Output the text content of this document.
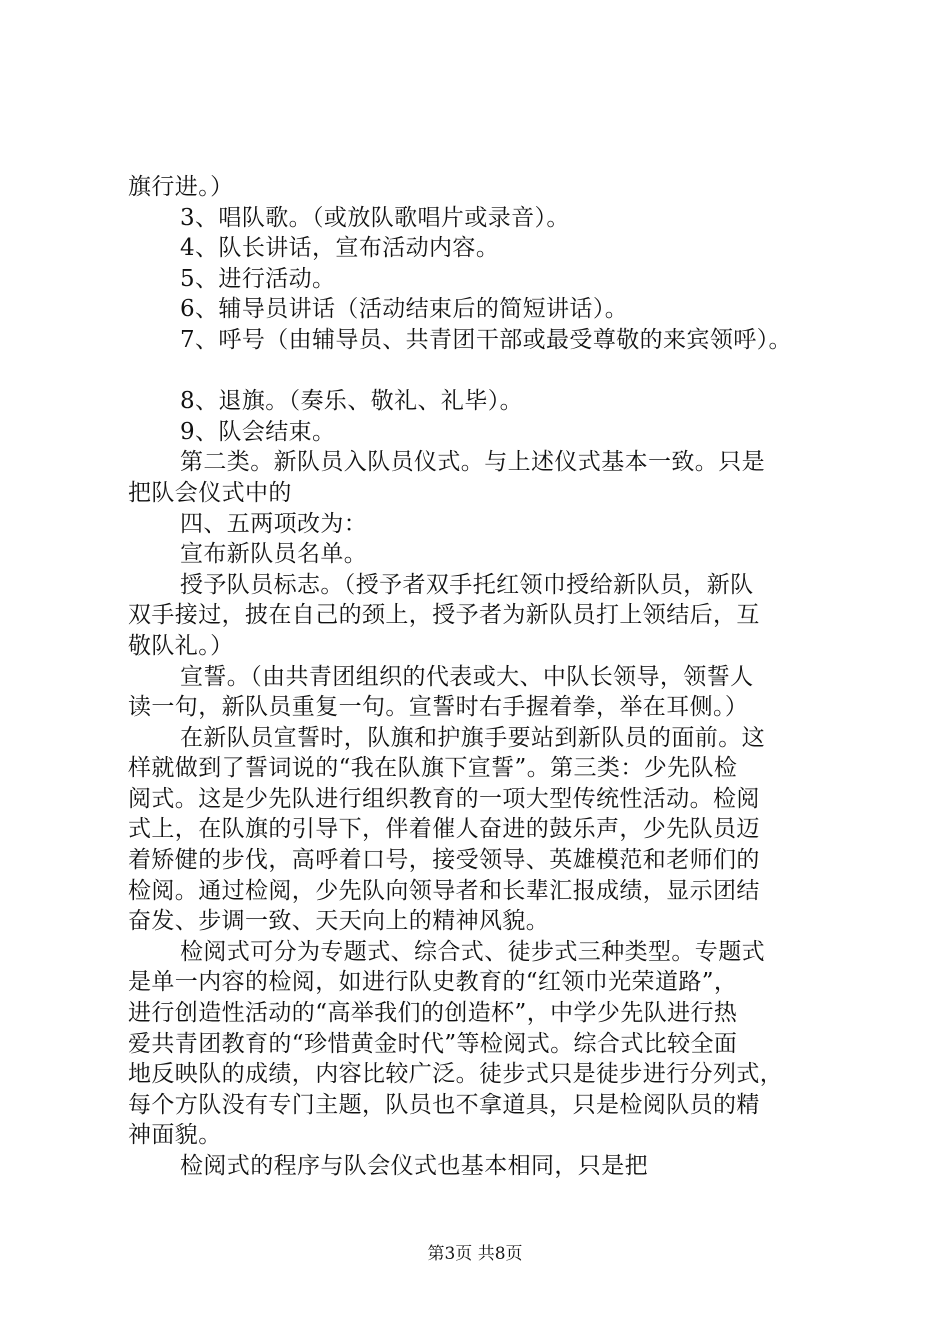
旗行进。）
3、唱队歌。（或放队歌唱片或录音）。
4、队长讲话，宣布活动内容。
5、进行活动。
6、辅导员讲话（活动结束后的简短讲话）。
7、呼号（由辅导员、共青团干部或最受尊敬的来宾领呼）。
8、退旗。（奏乐、敬礼、礼毕）。
9、队会结束。
第二类。新队员入队员仪式。与上述仪式基本一致。只是
把队会仪式中的
四、五两项改为：
宣布新队员名单。
授予队员标志。（授予者双手托红领巾授给新队员，新队
双手接过，披在自己的颈上，授予者为新队员打上领结后，互
敬队礼。）
宣誓。（由共青团组织的代表或大、中队长领导，领誓人
读一句，新队员重复一句。宣誓时右手握着拳，举在耳侧。）
在新队员宣誓时，队旗和护旗手要站到新队员的面前。这
样就做到了誓词说的“我在队旗下宣誓”。第三类：少先队检
阅式。这是少先队进行组织教育的一项大型传统性活动。检阅
式上，在队旗的引导下，伴着催人奋进的鼓乐声，少先队员迈
着矫健的步伐，高呼着口号，接受领导、英雄模范和老师们的
检阅。通过检阅，少先队向领导者和长辈汇报成绩，显示团结
奋发、步调一致、天天向上的精神风貌。
检阅式可分为专题式、综合式、徒步式三种类型。专题式
是单一内容的检阅，如进行队史教育的“红领巾光荣道路”，
进行创造性活动的“高举我们的创造杯”，中学少先队进行热
爱共青团教育的“珍惜黄金时代”等检阅式。综合式比较全面
地反映队的成绩，内容比较广泛。徒步式只是徒步进行分列式，
每个方队没有专门主题，队员也不拿道具，只是检阅队员的精
神面貌。
检阅式的程序与队会仪式也基本相同，只是把
第3页 共8页
